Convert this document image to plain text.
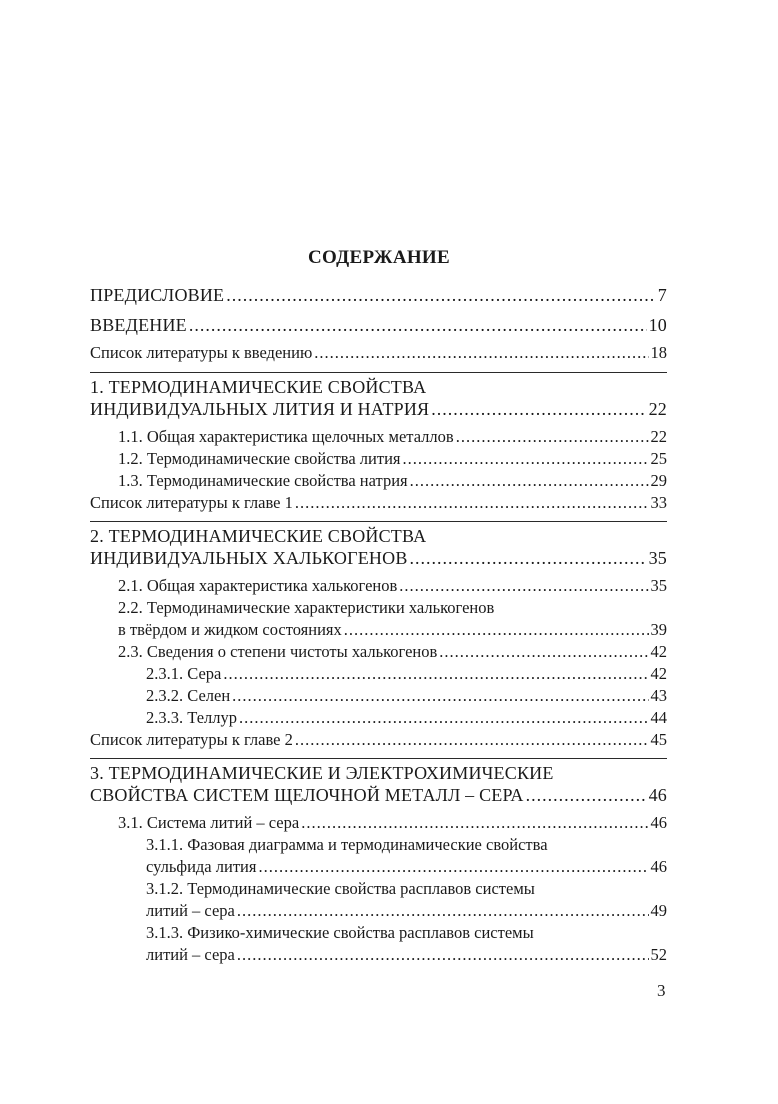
СОДЕРЖАНИЕ
ПРЕДИСЛОВИЕ .....	7
ВВЕДЕНИЕ .....	10
Список литературы к введению .....	18
1. ТЕРМОДИНАМИЧЕСКИЕ СВОЙСТВА
ИНДИВИДУАЛЬНЫХ ЛИТИЯ И НАТРИЯ .....	22
1.1. Общая характеристика щелочных металлов .....	22
1.2. Термодинамические свойства лития .....	25
1.3. Термодинамические свойства натрия .....	29
Список литературы к главе 1 .....	33
2. ТЕРМОДИНАМИЧЕСКИЕ СВОЙСТВА
ИНДИВИДУАЛЬНЫХ ХАЛЬКОГЕНОВ .....	35
2.1. Общая характеристика халькогенов .....	35
2.2. Термодинамические характеристики халькогенов
в твёрдом и жидком состояниях .....	39
2.3. Сведения о степени чистоты халькогенов .....	42
2.3.1. Сера .....	42
2.3.2. Селен .....	43
2.3.3. Теллур .....	44
Список литературы к главе 2 .....	45
3. ТЕРМОДИНАМИЧЕСКИЕ И ЭЛЕКТРОХИМИЧЕСКИЕ
СВОЙСТВА СИСТЕМ ЩЕЛОЧНОЙ МЕТАЛЛ – СЕРА .....	46
3.1. Система литий – сера .....	46
3.1.1. Фазовая диаграмма и термодинамические свойства
сульфида лития .....	46
3.1.2. Термодинамические свойства расплавов системы
литий – сера .....	49
3.1.3. Физико-химические свойства расплавов системы
литий – сера .....	52
3
